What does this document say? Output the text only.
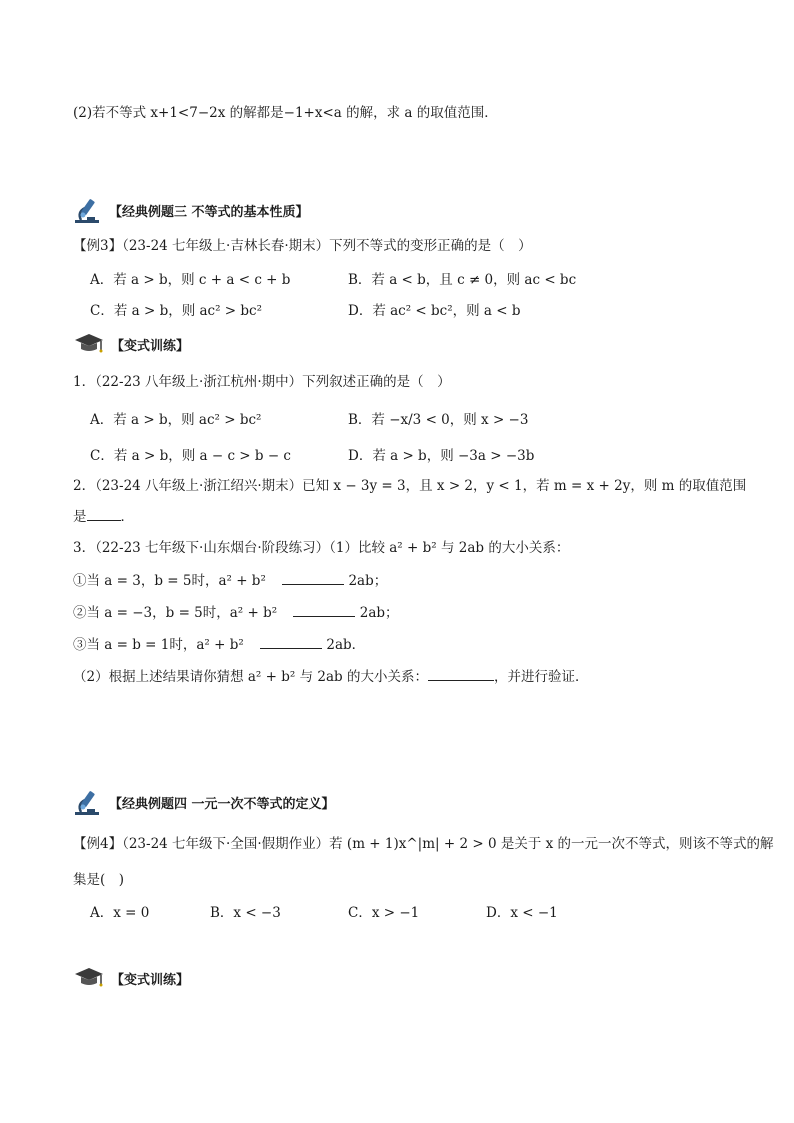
(2)若不等式 x+1<7−2x 的解都是−1+x<a 的解，求 a 的取值范围．
【经典例题三 不等式的基本性质】
【例3】（23-24 七年级上·吉林长春·期末）下列不等式的变形正确的是（　）
A．若 a > b，则 c + a < c + b	B．若 a < b，且 c ≠ 0，则 ac < bc
C．若 a > b，则 ac² > bc²	D．若 ac² < bc²，则 a < b
【变式训练】
1．（22-23 八年级上·浙江杭州·期中）下列叙述正确的是（　）
A．若 a > b，则 ac² > bc²	B．若 −x/3 < 0，则 x > −3
C．若 a > b，则 a − c > b − c	D．若 a > b，则 −3a > −3b
2．（23-24 八年级上·浙江绍兴·期末）已知 x − 3y = 3，且 x > 2，y < 1，若 m = x + 2y，则 m 的取值范围
是	．
3．（22-23 七年级下·山东烟台·阶段练习）（1）比较 a² + b² 与 2ab 的大小关系：
①当 a = 3，b = 5时，a² + b²	2ab；
②当 a = −3，b = 5时，a² + b²	2ab；
③当 a = b = 1时，a² + b²	2ab．
（2）根据上述结果请你猜想 a² + b² 与 2ab 的大小关系：	，并进行验证．
【经典例题四 一元一次不等式的定义】
【例4】（23-24 七年级下·全国·假期作业）若 (m + 1)x^|m| + 2 > 0 是关于 x 的一元一次不等式，则该不等式的解
集是(　)
A．x = 0	B．x < −3	C．x > −1	D．x < −1
【变式训练】
